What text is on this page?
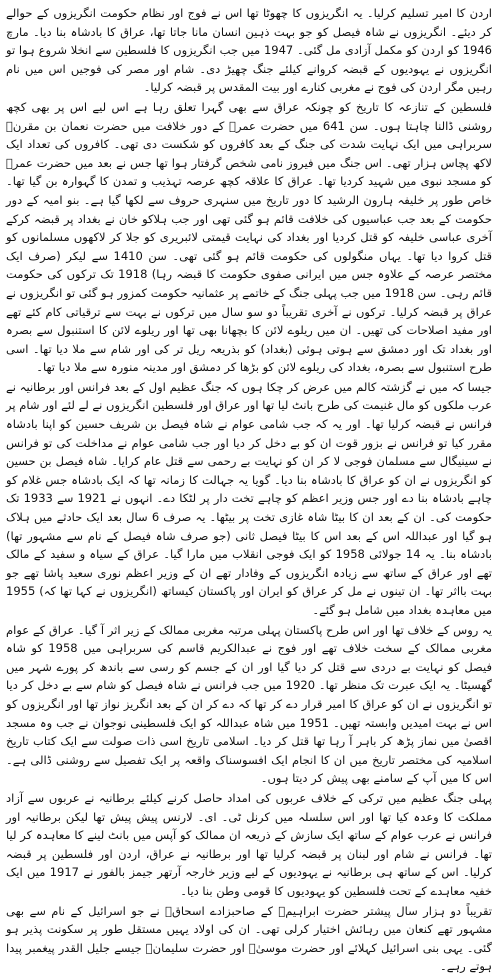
اردن کا امیر تسلیم کرلیا۔ یہ انگریزوں کا چھوٹا تھا اس نے فوج اور نظام حکومت انگریزوں کے حوالے کر دیئے۔ انگریزوں نے شاہ فیصل کو جو بہت ذہین انسان مانا جاتا تھا، عراق کا بادشاہ بنا دیا۔ مارچ 1946 کو اردن کو مکمل آزادی مل گئی۔ 1947 میں جب انگریزوں کا فلسطین سے انخلا شروع ہوا تو انگریزوں نے یہودیوں کے قبضہ کروانے کیلئے جنگ چھیڑ دی۔ شام اور مصر کی فوجیں اس میں نام رہیں مگر اردن کی فوج نے مغربی کنارے اور بیت المقدس پر قبضہ کرلیا۔

فلسطین کے تنازعہ کا تاریخ کو چونکہ عراق سے بھی گہرا تعلق رہا ہے اس لیے اس پر بھی کچھ روشنی ڈالنا چاہتا ہوں۔ سن 641 میں حضرت عمرؓ کے دور خلافت میں حضرت نعمان بن مقرنؓ سربراہی میں ایک نہایت شدت کی جنگ کے بعد کافروں کو شکست دی تھی۔ کافروں کی تعداد ایک لاکھ پچاس ہزار تھی۔ اس جنگ میں فیروز نامی شخص گرفتار ہوا تھا جس نے بعد میں حضرت عمرؓ کو مسجد نبوی میں شہید کردیا تھا۔ عراق کا علاقہ کچھ عرصہ تہذیب و تمدن کا گہوارہ بن گیا تھا۔ خاص طور پر خلیفہ ہارون الرشید کا دور تاریخ میں سنہری حروف سے لکھا گیا ہے۔ بنو امیہ کے دور حکومت کے بعد جب عباسیوں کی خلافت قائم ہو گئی تھی اور جب ہلاکو خان نے بغداد پر قبضہ کرکے آخری عباسی خلیفہ کو قتل کردیا اور بغداد کی نہایت قیمتی لائبریری کو جلا کر لاکھوں مسلمانوں کو قتل کروا دیا تھا۔ یہاں منگولوں کی حکومت قائم ہو گئی تھی۔ سن 1410 سے لیکر (صرف ایک مختصر عرصہ کے علاوہ جس میں ایرانی صفوی حکومت کا قبضہ رہا) 1918 تک ترکوں کی حکومت قائم رہی۔ سن 1918 میں جب پہلی جنگ کے خاتمے پر عثمانیہ حکومت کمزور ہو گئی تو انگریزوں نے عراق پر قبضہ کرلیا۔ ترکوں نے آخری تقریباً دو سو سال میں ترکوں نے بہت سے ترقیاتی کام کئے تھے اور مفید اصلاحات کی تھیں۔ ان میں ریلوے لائن کا بچھانا بھی تھا اور ریلوے لائن کا استنبول سے بصرہ اور بغداد تک اور دمشق سے ہوتی ہوئی (بغداد) کو بذریعہ ریل تر کی اور شام سے ملا دیا تھا۔ اسی طرح استنبول سے بصرہ، بغداد کی ریلوے لائن کو بڑھا کر دمشق اور مدینہ منورہ سے ملا دیا تھا۔

جیسا کہ میں نے گزشتہ کالم میں عرض کر چکا ہوں کہ جنگ عظیم اول کے بعد فرانس اور برطانیہ نے عرب ملکوں کو مال غنیمت کی طرح بانٹ لیا تھا اور عراق اور فلسطین انگریزوں نے لے لئے اور شام پر فرانس نے قبضہ کرلیا تھا۔ اور یہ کہ جب شامی عوام نے شاہ فیصل بن شریف حسین کو اپنا بادشاہ مقرر کیا تو فرانس نے بزور قوت ان کو بے دخل کر دیا اور جب شامی عوام نے مداخلت کی تو فرانس نے سینیگال سے مسلمان فوجی لا کر ان کو نہایت بے رحمی سے قتل عام کرایا۔ شاہ فیصل بن حسین کو انگریزوں نے ان کو عراق کا بادشاہ بنا دیا۔ گویا یہ جہالت کا زمانہ تھا کہ ایک بادشاہ جس غلام کو چاہے بادشاہ بنا دے اور جس وزیر اعظم کو چاہے تخت دار پر لٹکا دے۔ انہوں نے 1921 سے 1933 تک حکومت کی۔ ان کے بعد ان کا بیٹا شاہ غازی تخت پر بیٹھا۔ یہ صرف 6 سال بعد ایک حادثے میں ہلاک ہو گیا اور عبداللہ اس کے بعد اس کا بیٹا فیصل ثانی (جو صرف شاہ فیصل کے نام سے مشہور تھا) بادشاہ بنا۔ یہ 14 جولائی 1958 کو ایک فوجی انقلاب میں مارا گیا۔ عراق کے سیاہ و سفید کے مالک تھے اور عراق کے ساتھ سے زیادہ انگریزوں کے وفادار تھے ان کے وزیر اعظم نوری سعید پاشا تھے جو بہت بااثر تھا۔ ان تینوں نے مل کر عراق کو ایران اور پاکستان کیساتھ (انگریزوں نے کہا تھا کہ) 1955 میں معاہدہ بغداد میں شامل ہو گئے۔

یہ روس کے خلاف تھا اور اس طرح پاکستان پہلی مرتبہ مغربی ممالک کے زیر اثر آ گیا۔ عراق کے عوام مغربی ممالک کے سخت خلاف تھے اور فوج نے عبدالکریم قاسم کی سربراہی میں 1958 کو شاہ فیصل کو نہایت بے دردی سے قتل کر دیا گیا اور ان کے جسم کو رسی سے باندھ کر پورے شہر میں گھسیٹا۔ یہ ایک عبرت تک منظر تھا۔ 1920 میں جب فرانس نے شاہ فیصل کو شام سے بے دخل کر دیا تو انگریزوں نے ان کو عراق کا امیر قرار دے کر تھا کہ دے کر ان کے بعد انگریز نواز تھا اور انگریزوں کو اس نے بہت امیدیں وابستہ تھیں۔ 1951 میں شاہ عبداللہ کو ایک فلسطینی نوجوان نے جب وہ مسجد اقصیٰ میں نماز پڑھ کر باہر آ رہا تھا قتل کر دیا۔ اسلامی تاریخ اسی ذات صولت سے ایک کتاب تاریخ اسلامیہ کی مختصر تاریخ میں ان کا انجام ایک افسوسناک واقعہ پر ایک تفصیل سے روشنی ڈالی ہے۔ اس کا میں آپ کے سامنے بھی پیش کر دیتا ہوں۔

پہلی جنگ عظیم میں ترکی کے خلاف عربوں کی امداد حاصل کرنے کیلئے برطانیہ نے عربوں سے آزاد مملکت کا وعدہ کیا تھا اور اس سلسلہ میں کرنل ٹی۔ ای۔ لارنس پیش پیش تھا لیکن برطانیہ اور فرانس نے عرب عوام کے ساتھ ایک سازش کے ذریعہ ان ممالک کو آپس میں بانٹ لینے کا معاہدہ کر لیا تھا۔ فرانس نے شام اور لبنان پر قبضہ کرلیا تھا اور برطانیہ نے عراق، اردن اور فلسطین پر قبضہ کرلیا۔ اس کے ساتھ ہی برطانیہ نے یہودیوں کے لیے وزیر خارجہ آرتھر جیمز بالفور نے 1917 میں ایک خفیہ معاہدے کے تحت فلسطین کو یہودیوں کا قومی وطن بنا دیا۔

تقریباً دو ہزار سال پیشتر حضرت ابراہیمؑ کے صاحبزادے اسحاقؑ نے جو اسرائیل کے نام سے بھی مشہور تھے کنعان میں رہائش اختیار کرلی تھی۔ ان کی اولاد یہیں مستقل طور پر سکونت پذیر ہو گئی۔ یہی بنی اسرائیل کہلائے اور حضرت موسیٰؑ اور حضرت سلیمانؑ جیسے جلیل القدر پیغمبر پیدا ہوتے رہے۔
